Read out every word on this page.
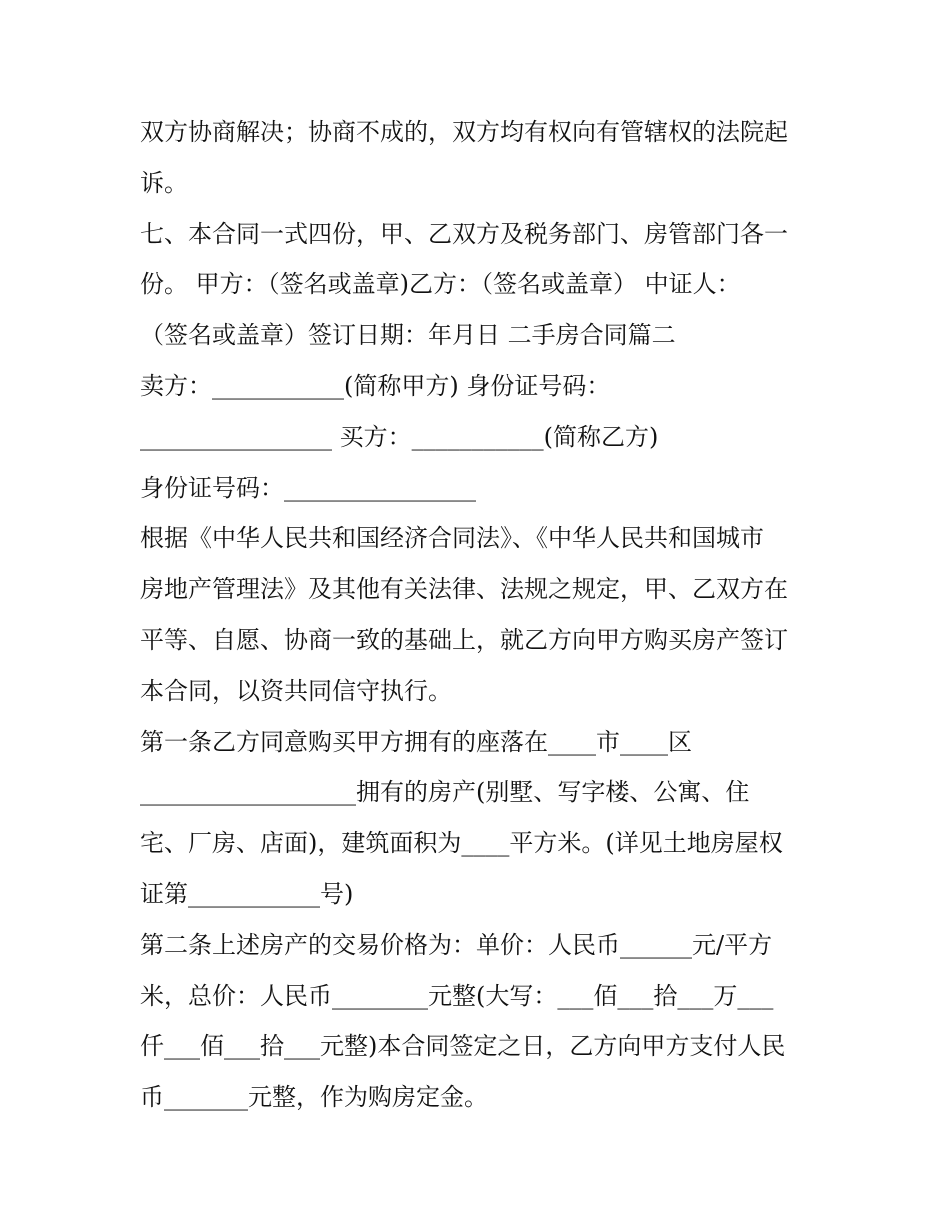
双方协商解决；协商不成的，双方均有权向有管辖权的法院起
诉。
七、本合同一式四份，甲、乙双方及税务部门、房管部门各一
份。 甲方：（签名或盖章)乙方：（签名或盖章） 中证人：
（签名或盖章）签订日期：年月日 二手房合同篇二
卖方：___________(简称甲方) 身份证号码：
________________ 买方：___________(简称乙方)
身份证号码：________________
根据《中华人民共和国经济合同法》、《中华人民共和国城市
房地产管理法》及其他有关法律、法规之规定，甲、乙双方在
平等、自愿、协商一致的基础上，就乙方向甲方购买房产签订
本合同，以资共同信守执行。
第一条乙方同意购买甲方拥有的座落在____市____区
__________________拥有的房产(别墅、写字楼、公寓、住
宅、厂房、店面)，建筑面积为____平方米。(详见土地房屋权
证第___________号)
第二条上述房产的交易价格为：单价：人民币______元/平方
米，总价：人民币________元整(大写：___佰___拾___万___
仟___佰___拾___元整)本合同签定之日，乙方向甲方支付人民
币_______元整，作为购房定金。
